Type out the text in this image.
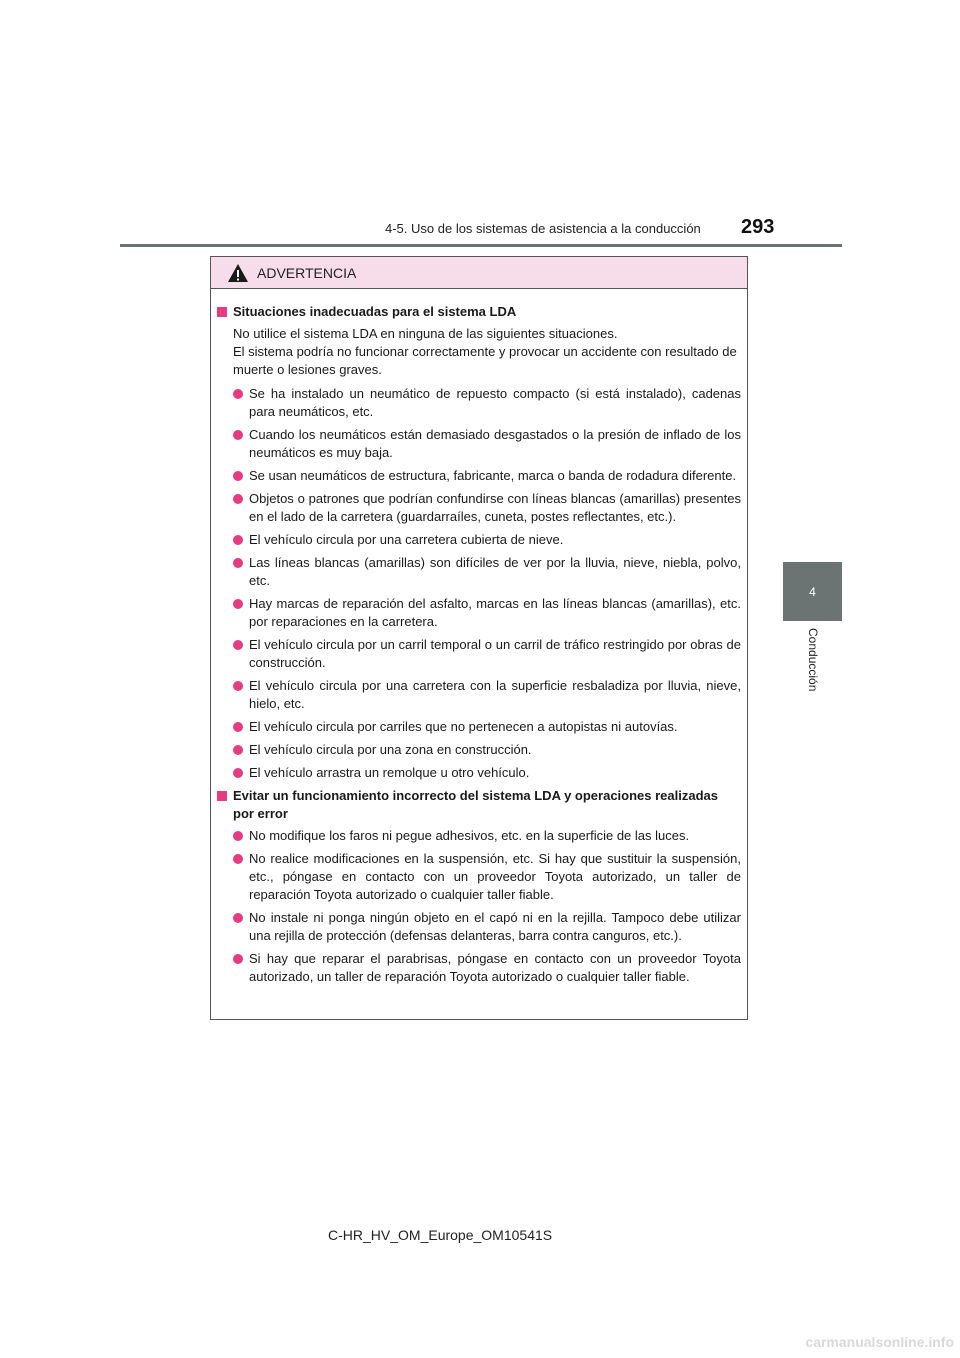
4-5. Uso de los sistemas de asistencia a la conducción 293
4
Conducción
ADVERTENCIA
Situaciones inadecuadas para el sistema LDA
No utilice el sistema LDA en ninguna de las siguientes situaciones.
El sistema podría no funcionar correctamente y provocar un accidente con resultado de muerte o lesiones graves.
Se ha instalado un neumático de repuesto compacto (si está instalado), cadenas para neumáticos, etc.
Cuando los neumáticos están demasiado desgastados o la presión de inflado de los neumáticos es muy baja.
Se usan neumáticos de estructura, fabricante, marca o banda de rodadura diferente.
Objetos o patrones que podrían confundirse con líneas blancas (amarillas) presentes en el lado de la carretera (guardarraíles, cuneta, postes reflectantes, etc.).
El vehículo circula por una carretera cubierta de nieve.
Las líneas blancas (amarillas) son difíciles de ver por la lluvia, nieve, niebla, polvo, etc.
Hay marcas de reparación del asfalto, marcas en las líneas blancas (amarillas), etc. por reparaciones en la carretera.
El vehículo circula por un carril temporal o un carril de tráfico restringido por obras de construcción.
El vehículo circula por una carretera con la superficie resbaladiza por lluvia, nieve, hielo, etc.
El vehículo circula por carriles que no pertenecen a autopistas ni autovías.
El vehículo circula por una zona en construcción.
El vehículo arrastra un remolque u otro vehículo.
Evitar un funcionamiento incorrecto del sistema LDA y operaciones realizadas por error
No modifique los faros ni pegue adhesivos, etc. en la superficie de las luces.
No realice modificaciones en la suspensión, etc. Si hay que sustituir la suspensión, etc., póngase en contacto con un proveedor Toyota autorizado, un taller de reparación Toyota autorizado o cualquier taller fiable.
No instale ni ponga ningún objeto en el capó ni en la rejilla. Tampoco debe utilizar una rejilla de protección (defensas delanteras, barra contra canguros, etc.).
Si hay que reparar el parabrisas, póngase en contacto con un proveedor Toyota autorizado, un taller de reparación Toyota autorizado o cualquier taller fiable.
C-HR_HV_OM_Europe_OM10541S
carmanualsonline.info
